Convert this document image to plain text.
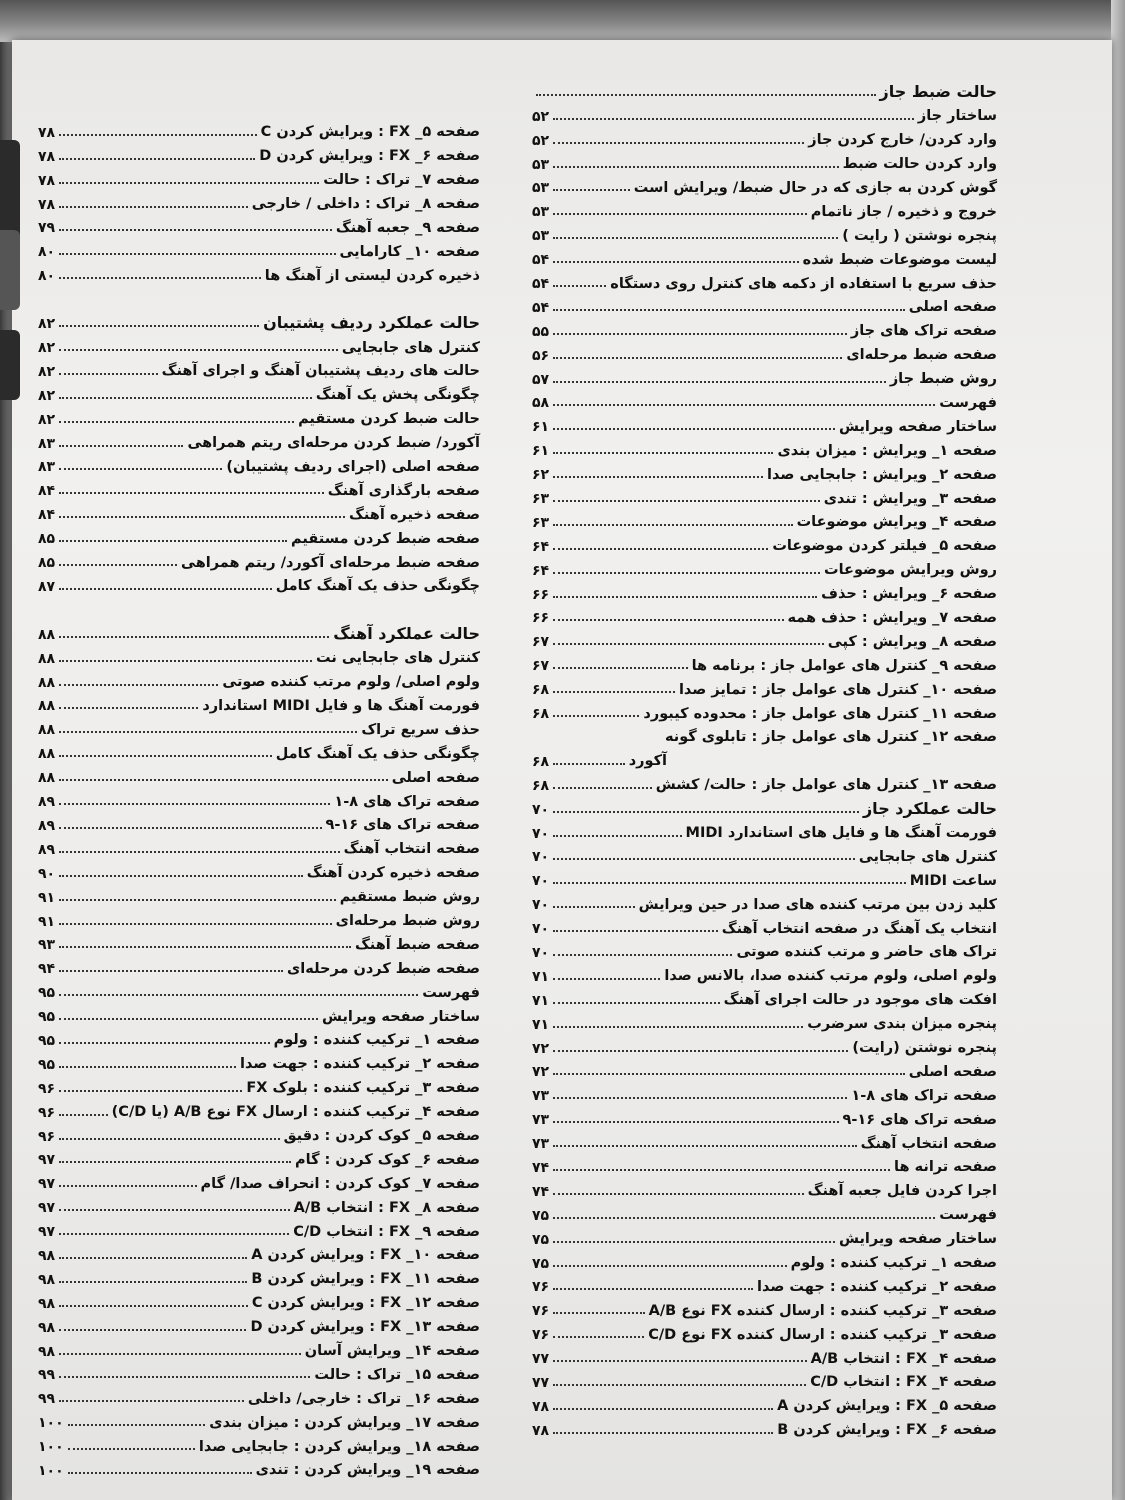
حالت ضبط جاز
ساختار جاز
۵۲
وارد کردن/ خارج کردن جاز
۵۲
وارد کردن حالت ضبط
۵۳
گوش کردن به جازی که در حال ضبط/ ویرایش است
۵۳
خروج و ذخیره / جاز ناتمام
۵۳
پنجره نوشتن ( رایت )
۵۳
لیست موضوعات ضبط شده
۵۴
حذف سریع با استفاده از دکمه های کنترل روی دستگاه
۵۴
صفحه اصلی
۵۴
صفحه تراک های جاز
۵۵
صفحه ضبط مرحله‌ای
۵۶
روش ضبط جاز
۵۷
فهرست
۵۸
ساختار صفحه ویرایش
۶۱
صفحه ۱_ ویرایش : میزان بندی
۶۱
صفحه ۲_ ویرایش : جابجایی صدا
۶۲
صفحه ۳_ ویرایش : تندی
۶۳
صفحه ۴_ ویرایش موضوعات
۶۳
صفحه ۵_ فیلتر کردن موضوعات
۶۴
روش ویرایش موضوعات
۶۴
صفحه ۶_ ویرایش : حذف
۶۶
صفحه ۷_ ویرایش : حذف همه
۶۶
صفحه ۸_ ویرایش : کپی
۶۷
صفحه ۹_ کنترل های عوامل جاز : برنامه ها
۶۷
صفحه ۱۰_ کنترل های عوامل جاز : تمایز صدا
۶۸
صفحه ۱۱_ کنترل های عوامل جاز : محدوده کیبورد
۶۸
صفحه ۱۲_ کنترل های عوامل جاز : تابلوی گونه
آکورد
۶۸
صفحه ۱۳_ کنترل های عوامل جاز : حالت/ کشش
۶۸
حالت عملکرد جاز
۷۰
فورمت آهنگ ها و فایل های استاندارد MIDI
۷۰
کنترل های جابجایی
۷۰
ساعت MIDI
۷۰
کلید زدن بین مرتب کننده های صدا در حین ویرایش
۷۰
انتخاب یک آهنگ در صفحه انتخاب آهنگ
۷۰
تراک های حاضر و مرتب کننده صوتی
۷۰
ولوم اصلی، ولوم مرتب کننده صدا، بالانس صدا
۷۱
افکت های موجود در حالت اجرای آهنگ
۷۱
پنجره میزان بندی سرضرب
۷۱
پنجره نوشتن (رایت)
۷۲
صفحه اصلی
۷۲
صفحه تراک های ۸-۱
۷۳
صفحه تراک های ۱۶-۹
۷۳
صفحه انتخاب آهنگ
۷۳
صفحه ترانه ها
۷۴
اجرا کردن فایل جعبه آهنگ
۷۴
فهرست
۷۵
ساختار صفحه ویرایش
۷۵
صفحه ۱_ ترکیب کننده : ولوم
۷۵
صفحه ۲_ ترکیب کننده : جهت صدا
۷۶
صفحه ۳_ ترکیب کننده : ارسال کننده FX نوع A/B
۷۶
صفحه ۳_ ترکیب کننده : ارسال کننده FX نوع C/D
۷۶
صفحه ۴_ FX : انتخاب A/B
۷۷
صفحه ۴_ FX : انتخاب C/D
۷۷
صفحه ۵_ FX : ویرایش کردن A
۷۸
صفحه ۶_ FX : ویرایش کردن B
۷۸
صفحه ۵_ FX : ویرایش کردن C
۷۸
صفحه ۶_ FX : ویرایش کردن D
۷۸
صفحه ۷_ تراک : حالت
۷۸
صفحه ۸_ تراک : داخلی / خارجی
۷۸
صفحه ۹_ جعبه آهنگ
۷۹
صفحه ۱۰_ کارامایی
۸۰
ذخیره کردن لیستی از آهنگ ها
۸۰
حالت عملکرد ردیف پشتیبان
۸۲
کنترل های جابجایی
۸۲
حالت های ردیف پشتیبان آهنگ و اجرای آهنگ
۸۲
چگونگی پخش یک آهنگ
۸۲
حالت ضبط کردن مستقیم
۸۲
آکورد/ ضبط کردن مرحله‌ای ریتم همراهی
۸۳
صفحه اصلی (اجرای ردیف پشتیبان)
۸۳
صفحه بارگذاری آهنگ
۸۴
صفحه ذخیره آهنگ
۸۴
صفحه ضبط کردن مستقیم
۸۵
صفحه ضبط مرحله‌ای آکورد/ ریتم همراهی
۸۵
چگونگی حذف یک آهنگ کامل
۸۷
حالت عملکرد آهنگ
۸۸
کنترل های جابجایی نت
۸۸
ولوم اصلی/ ولوم مرتب کننده صوتی
۸۸
فورمت آهنگ ها و فایل MIDI استاندارد
۸۸
حذف سریع تراک
۸۸
چگونگی حذف یک آهنگ کامل
۸۸
صفحه اصلی
۸۸
صفحه تراک های ۸-۱
۸۹
صفحه تراک های ۱۶-۹
۸۹
صفحه انتخاب آهنگ
۸۹
صفحه ذخیره کردن آهنگ
۹۰
روش ضبط مستقیم
۹۱
روش ضبط مرحله‌ای
۹۱
صفحه ضبط آهنگ
۹۳
صفحه ضبط کردن مرحله‌ای
۹۴
فهرست
۹۵
ساختار صفحه ویرایش
۹۵
صفحه ۱_ ترکیب کننده : ولوم
۹۵
صفحه ۲_ ترکیب کننده : جهت صدا
۹۵
صفحه ۳_ ترکیب کننده : بلوک FX
۹۶
صفحه ۴_ ترکیب کننده : ارسال FX نوع A/B (یا C/D)
۹۶
صفحه ۵_ کوک کردن : دقیق
۹۶
صفحه ۶_ کوک کردن : گام
۹۷
صفحه ۷_ کوک کردن : انحراف صدا/ گام
۹۷
صفحه ۸_ FX : انتخاب A/B
۹۷
صفحه ۹_ FX : انتخاب C/D
۹۷
صفحه ۱۰_ FX : ویرایش کردن A
۹۸
صفحه ۱۱_ FX : ویرایش کردن B
۹۸
صفحه ۱۲_ FX : ویرایش کردن C
۹۸
صفحه ۱۳_ FX : ویرایش کردن D
۹۸
صفحه ۱۴_ ویرایش آسان
۹۸
صفحه ۱۵_ تراک : حالت
۹۹
صفحه ۱۶_ تراک : خارجی/ داخلی
۹۹
صفحه ۱۷_ ویرایش کردن : میزان بندی
۱۰۰
صفحه ۱۸_ ویرایش کردن : جابجایی صدا
۱۰۰
صفحه ۱۹_ ویرایش کردن : تندی
۱۰۰
